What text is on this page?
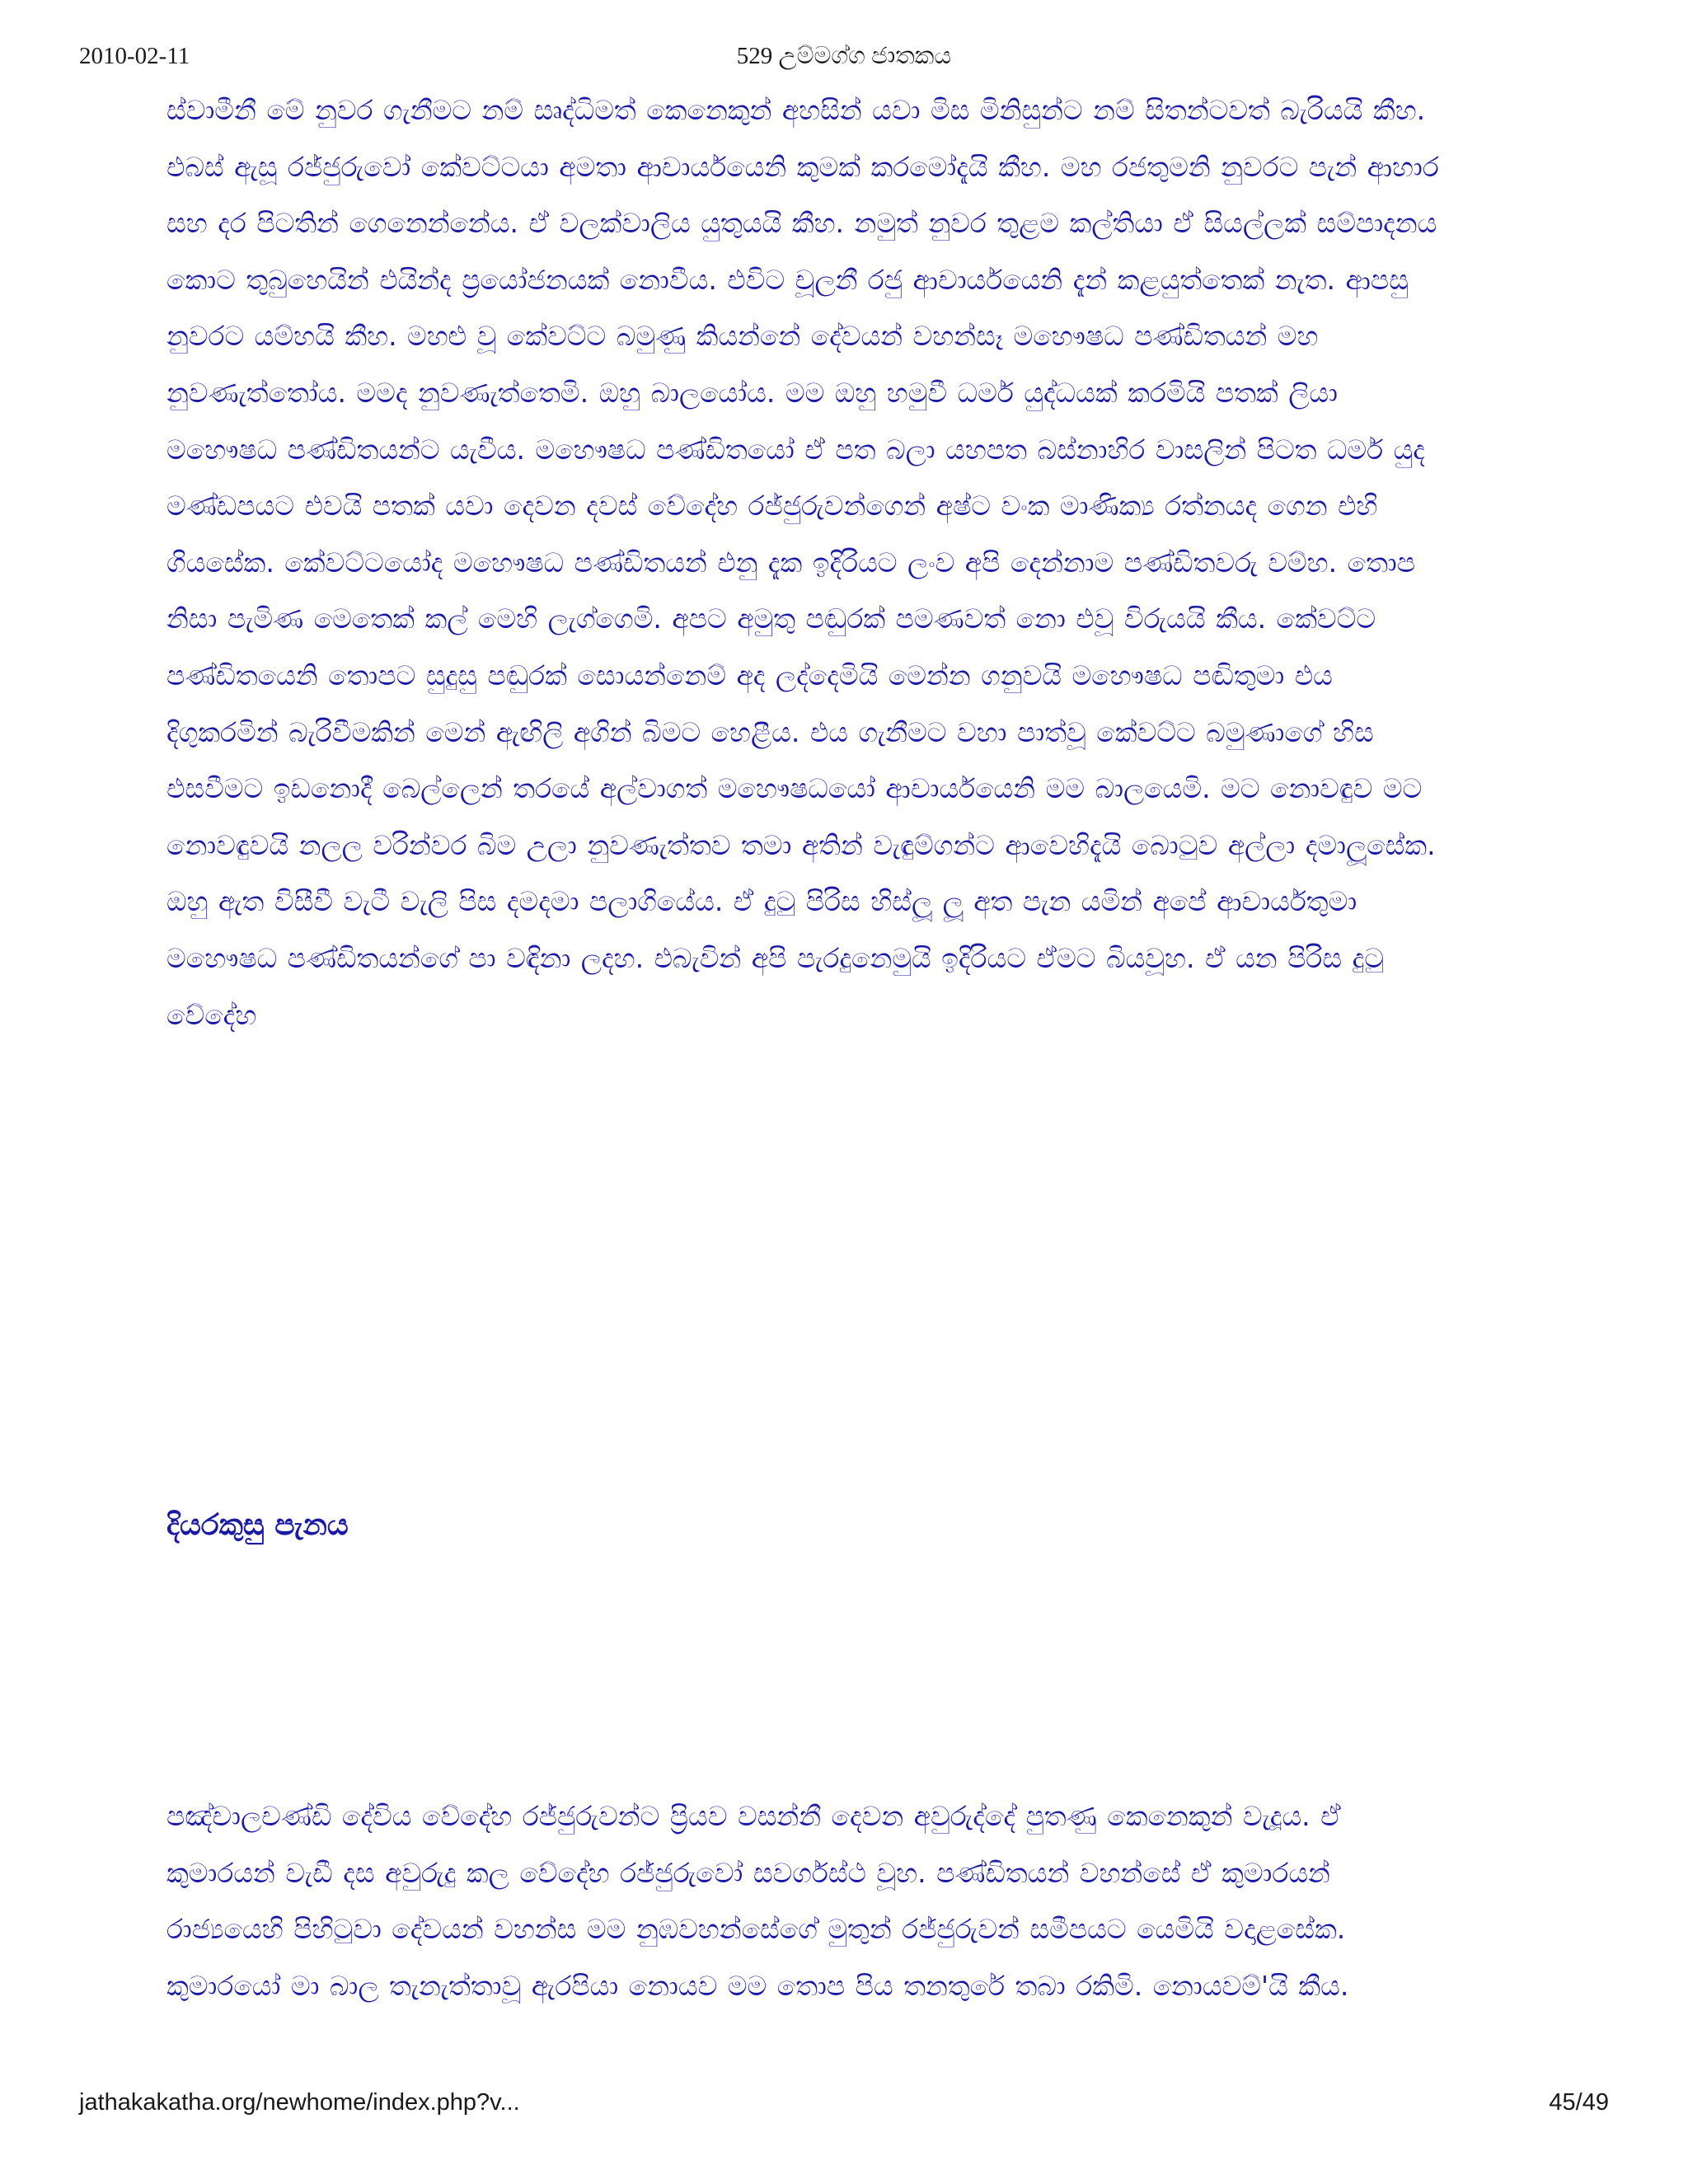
2010-02-11	529 උම්මග්ග ජාතකය

ස්වාමීනී මේ නුවර ගැනීමට නම් සෘද්ධිමත් කෙනෙකුන් අහසින් යවා මිස මිනිසුන්ට නම් සිතන්ටවත් බැරියයි කීහ. එබස් ඇසූ රජ්ජුරුවෝ කේවට්ටයා අමතා ආචාර්යයෙනි කුමක් කරමෝදැයි කීහ. මහ රජතුමනි නුවරට පැන් ආහාර සහ දර පිටතින් ගෙනෙන්නේය. ඒ වලක්වාලිය යුතුයයි කීහ. නමුත් නුවර තුළම කල්තියා ඒ සියල්ලක් සම්පාදනය කොට තුබුහෙයින් එයින්ද ප්‍රයෝජනයක් නොවීය. එවිට චූලනී රජු ආචාර්යයෙනි දැන් කළයුත්තෙක් නැත. ආපසු නුවරට යම්හයි කීහ. මහළු වූ කේවට්ට බමුණු කියන්නේ දේවයන් වහන්සෑ මහෞෂධ පණ්ඩිතයන් මහ නුවණැත්තෝය. මමද නුවණැත්තෙමි. ඔහු බාලයෝය. මම ඔහු හමුවී ධර්ම යුද්ධයක් කරමියි පතක් ලියා මහෞෂධ පණ්ඩිතයන්ට යැවීය. මහෞෂධ පණ්ඩිතයෝ ඒ පත බලා යහපත බස්නාහිර වාසලින් පිටත ධර්ම යුද මණ්ඩපයට එවයි පතක් යවා දෙවන දවස් වේදේහ රජ්ජුරුවන්ගෙන් අෂ්ට වංක මාණික්‍ය රත්නයද ගෙන එහි ගියසේක. කේවට්ටයෝද මහෞෂධ පණ්ඩිතයන් එනු දැක ඉදිරියට ලංව අපි දෙන්නාම පණ්ඩිතවරු වම්හ. තොප නිසා පැමිණ මෙතෙක් කල් මෙහි ලැග්ගෙමි. අපට අමුතු පඬුරක් පමණවත් නො එවූ විරුයයි කීය. කේවට්ට පණ්ඩිතයෙනි තොපට සුදුසු පඬුරක් සොයන්නෙම් අද ලද්දෙමියි මෙන්න ගනුවයි මහෞෂධ පඬිතුමා එය දිගුකරමින් බැරිවීමකින් මෙන් ඇඟිලි අගින් බිමට හෙළීය. එය ගැනීමට වහා පාත්වූ කේවට්ට බමුණාගේ හිස එසවීමට ඉඩනොදී බෙල්ලෙන් තරයේ අල්වාගත් මහෞෂධයෝ ආචාර්යයෙනි මම බාලයෙමි. මට නොවඳුව මට නොවඳුවයි නලල වරින්වර බිම උලා නුවණැත්තව තමා අතින් වැඳුම්ගන්ට ආවෙහිදැයි බොටුව අල්ලා දමාලූසේක. ඔහු ඇත විසීවී වැටී වැලි පිස දමදමා පලාගියේය. ඒ දුටු පිරිස හිස්ලූ ලූ අත පැන යමින් අපේ ආචාර්යතුමා මහෞෂධ පණ්ඩිතයන්ගේ පා වඳිනා ලදහ. එබැවින් අපි පැරදුනෙමුයි ඉදිරියට ඒමට බියවූහ. ඒ යන පිරිස දුටු වේදේහ

දියරකුසු පැනය

පඤ්චාලචණ්ඩි දේවිය වේදේහ රජ්ජුරුවන්ට ප්‍රියව වසන්නී දෙවන අවුරුද්දේ පුතණු කෙනෙකුන් වැදූය. ඒ කුමාරයන් වැඩී දස අවුරුදු කල වේදේහ රජ්ජුරුවෝ සවර්ගස්ථ වූහ. පණ්ඩිතයන් වහන්සේ ඒ කුමාරයන් රාජ්‍යයෙහි පිහිටුවා දේවයන් වහන්ස මම නුඹවහන්සේගේ මුතුන් රජ්ජුරුවන් සමීපයට යෙමියි වදාළසේක. කුමාරයෝ මා බාල තැනැත්තාවූ ඇරපියා නොයව මම තොප පිය තනතුරේ තබා රකිමි. නොයවම්'යි කීය.

jathakakatha.org/newhome/index.php?v...	45/49
